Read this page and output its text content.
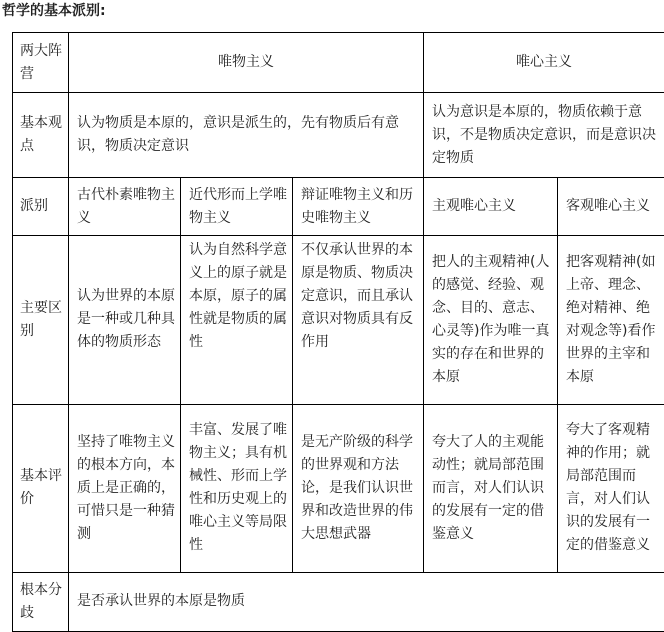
哲学的基本派别:
两大阵营	唯物主义			唯心主义	
基本观点	认为物质是本原的，意识是派生的，先有物质后有意识，物质决定意识			认为意识是本原的，物质依赖于意识，不是物质决定意识，而是意识决定物质	
派别	古代朴素唯物主义	近代形而上学唯物主义	辩证唯物主义和历史唯物主义	主观唯心主义	客观唯心主义
主要区别	认为世界的本原是一种或几种具体的物质形态	认为自然科学意义上的原子就是本原，原子的属性就是物质的属性	不仅承认世界的本原是物质、物质决定意识，而且承认意识对物质具有反作用	把人的主观精神(人的感觉、经验、观念、目的、意志、心灵等)作为唯一真实的存在和世界的本原	把客观精神(如上帝、理念、绝对精神、绝对观念等)看作世界的主宰和本原
基本评价	坚持了唯物主义的根本方向，本质上是正确的，可惜只是一种猜测	丰富、发展了唯物主义；具有机械性、形而上学性和历史观上的唯心主义等局限性	是无产阶级的科学的世界观和方法论，是我们认识世界和改造世界的伟大思想武器	夸大了人的主观能动性；就局部范围而言，对人们认识的发展有一定的借鉴意义	夸大了客观精神的作用；就局部范围而言，对人们认识的发展有一定的借鉴意义
根本分歧	是否承认世界的本原是物质				
